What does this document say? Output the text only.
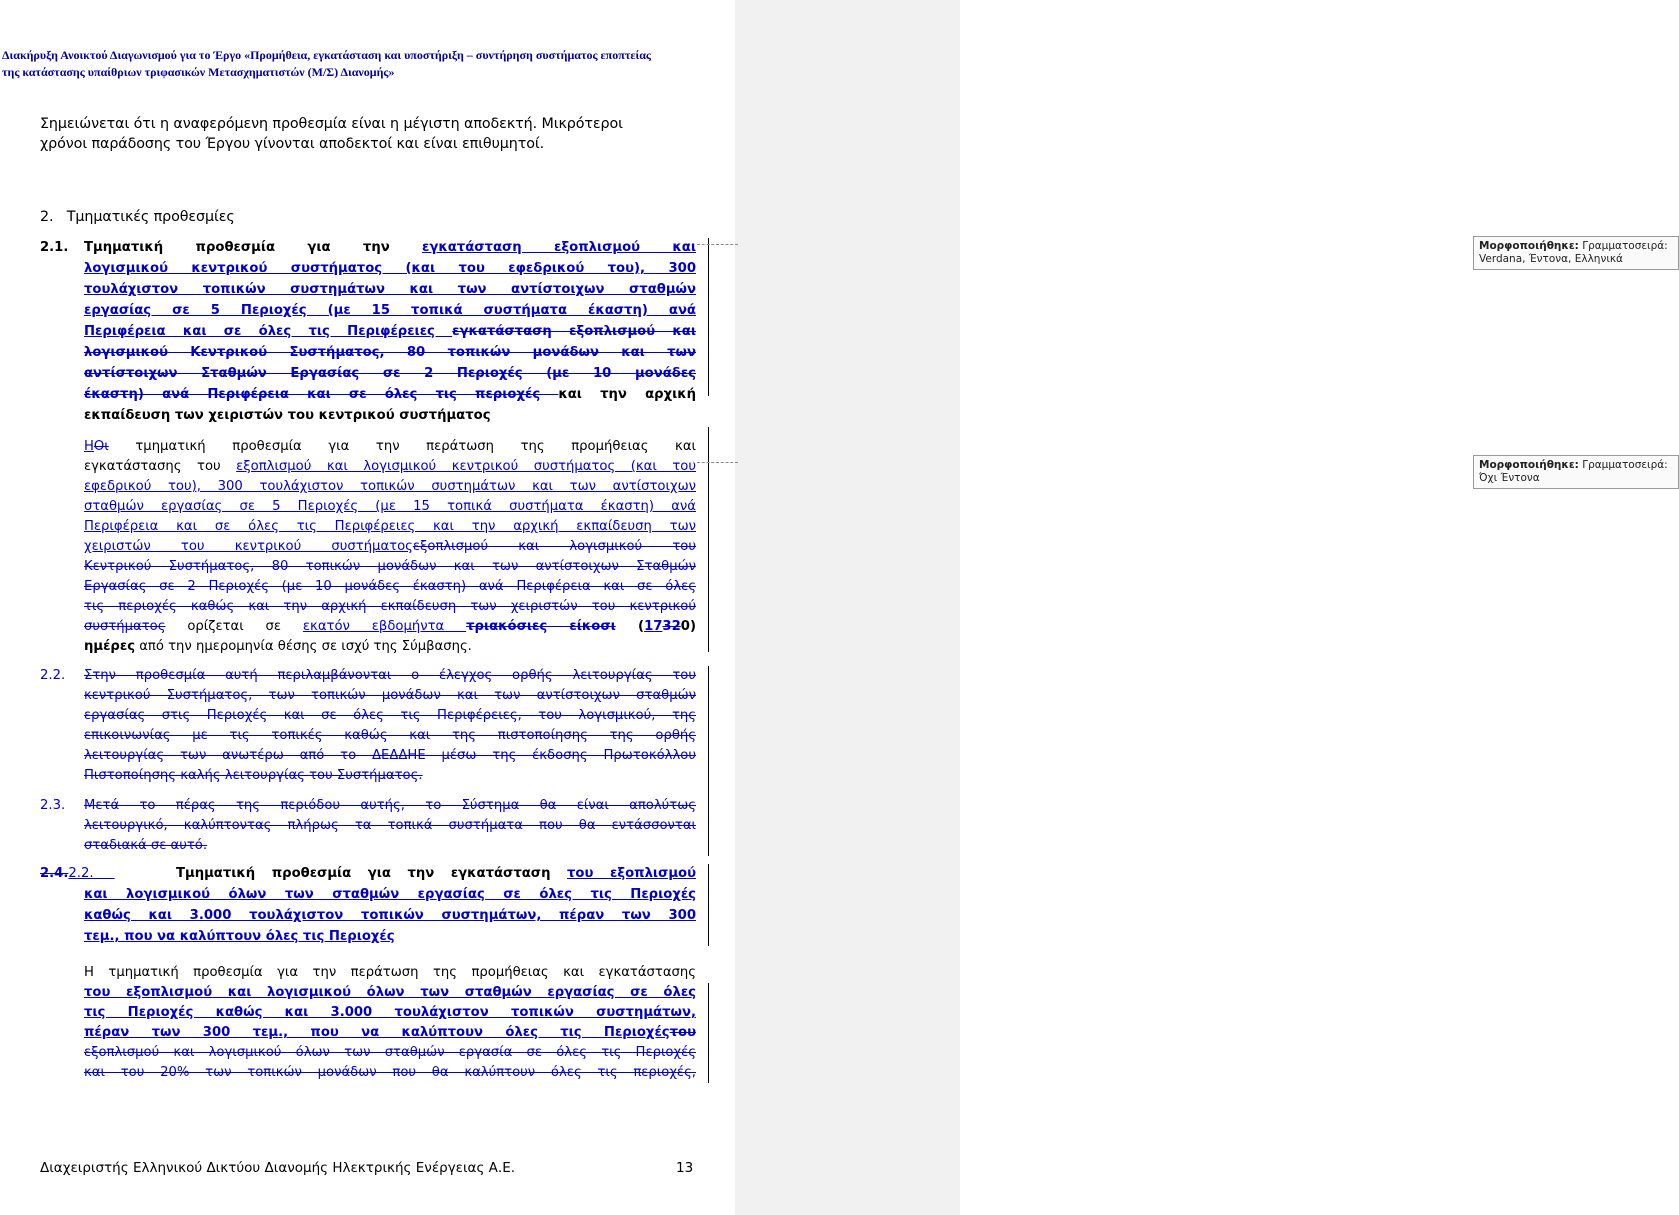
Διακήρυξη Ανοικτού Διαγωνισμού για το Έργο «Προμήθεια, εγκατάσταση και υποστήριξη – συντήρηση συστήματος εποπτείας
της κατάστασης υπαίθριων τριφασικών Μετασχηματιστών (Μ/Σ) Διανομής»
Σημειώνεται ότι η αναφερόμενη προθεσμία είναι η μέγιστη αποδεκτή. Μικρότεροι
χρόνοι παράδοσης του Έργου γίνονται αποδεκτοί και είναι επιθυμητοί.
2. Τμηματικές προθεσμίες
2.1. Τμηματική προθεσμία για την εγκατάσταση εξοπλισμού και
λογισμικού κεντρικού συστήματος (και του εφεδρικού του), 300
τουλάχιστον τοπικών συστημάτων και των αντίστοιχων σταθμών
εργασίας σε 5 Περιοχές (με 15 τοπικά συστήματα έκαστη) ανά
Περιφέρεια και σε όλες τις Περιφέρειες εγκατάσταση εξοπλισμού και
λογισμικού Κεντρικού Συστήματος, 80 τοπικών μονάδων και των
αντίστοιχων Σταθμών Εργασίας σε 2 Περιοχές (με 10 μονάδες
έκαστη) ανά Περιφέρεια και σε όλες τις περιοχές και την αρχική
εκπαίδευση των χειριστών του κεντρικού συστήματος
ΗΟι τμηματική προθεσμία για την περάτωση της προμήθειας και
εγκατάστασης του εξοπλισμού και λογισμικού κεντρικού συστήματος (και του
εφεδρικού του), 300 τουλάχιστον τοπικών συστημάτων και των αντίστοιχων
σταθμών εργασίας σε 5 Περιοχές (με 15 τοπικά συστήματα έκαστη) ανά
Περιφέρεια και σε όλες τις Περιφέρειες και την αρχική εκπαίδευση των
χειριστών του κεντρικού συστήματοςεξοπλισμού και λογισμικού του
Κεντρικού Συστήματος, 80 τοπικών μονάδων και των αντίστοιχων Σταθμών
Εργασίας σε 2 Περιοχές (με 10 μονάδες έκαστη) ανά Περιφέρεια και σε όλες
τις περιοχές καθώς και την αρχική εκπαίδευση των χειριστών του κεντρικού
συστήματος ορίζεται σε εκατόν εβδομήντα τριακόσιες είκοσι (17320)
ημέρες από την ημερομηνία θέσης σε ισχύ της Σύμβασης.
2.2. Στην προθεσμία αυτή περιλαμβάνονται ο έλεγχος ορθής λειτουργίας του
κεντρικού Συστήματος, των τοπικών μονάδων και των αντίστοιχων σταθμών
εργασίας στις Περιοχές και σε όλες τις Περιφέρειες, του λογισμικού, της
επικοινωνίας με τις τοπικές καθώς και της πιστοποίησης της ορθής
λειτουργίας των ανωτέρω από το ΔΕΔΔΗΕ μέσω της έκδοσης Πρωτοκόλλου
Πιστοποίησης καλής λειτουργίας του Συστήματος.
2.3. Μετά το πέρας της περιόδου αυτής, το Σύστημα θα είναι απολύτως
λειτουργικό, καλύπτοντας πλήρως τα τοπικά συστήματα που θα εντάσσονται
σταδιακά σε αυτό.
2.4.2.2.	Τμηματική προθεσμία για την εγκατάσταση του εξοπλισμού
και λογισμικού όλων των σταθμών εργασίας σε όλες τις Περιοχές
καθώς και 3.000 τουλάχιστον τοπικών συστημάτων, πέραν των 300
τεμ., που να καλύπτουν όλες τις Περιοχές
Η τμηματική προθεσμία για την περάτωση της προμήθειας και εγκατάστασης
του εξοπλισμού και λογισμικού όλων των σταθμών εργασίας σε όλες
τις Περιοχές καθώς και 3.000 τουλάχιστον τοπικών συστημάτων,
πέραν των 300 τεμ., που να καλύπτουν όλες τις Περιοχέςτου
εξοπλισμού και λογισμικού όλων των σταθμών εργασία σε όλες τις Περιοχές
και του 20% των τοπικών μονάδων που θα καλύπτουν όλες τις περιοχές,
Διαχειριστής Ελληνικού Δικτύου Διανομής Ηλεκτρικής Ενέργειας Α.Ε.	13
Μορφοποιήθηκε: Γραμματοσειρά: Verdana, Έντονα, Ελληνικά
Μορφοποιήθηκε: Γραμματοσειρά: Όχι Έντονα
